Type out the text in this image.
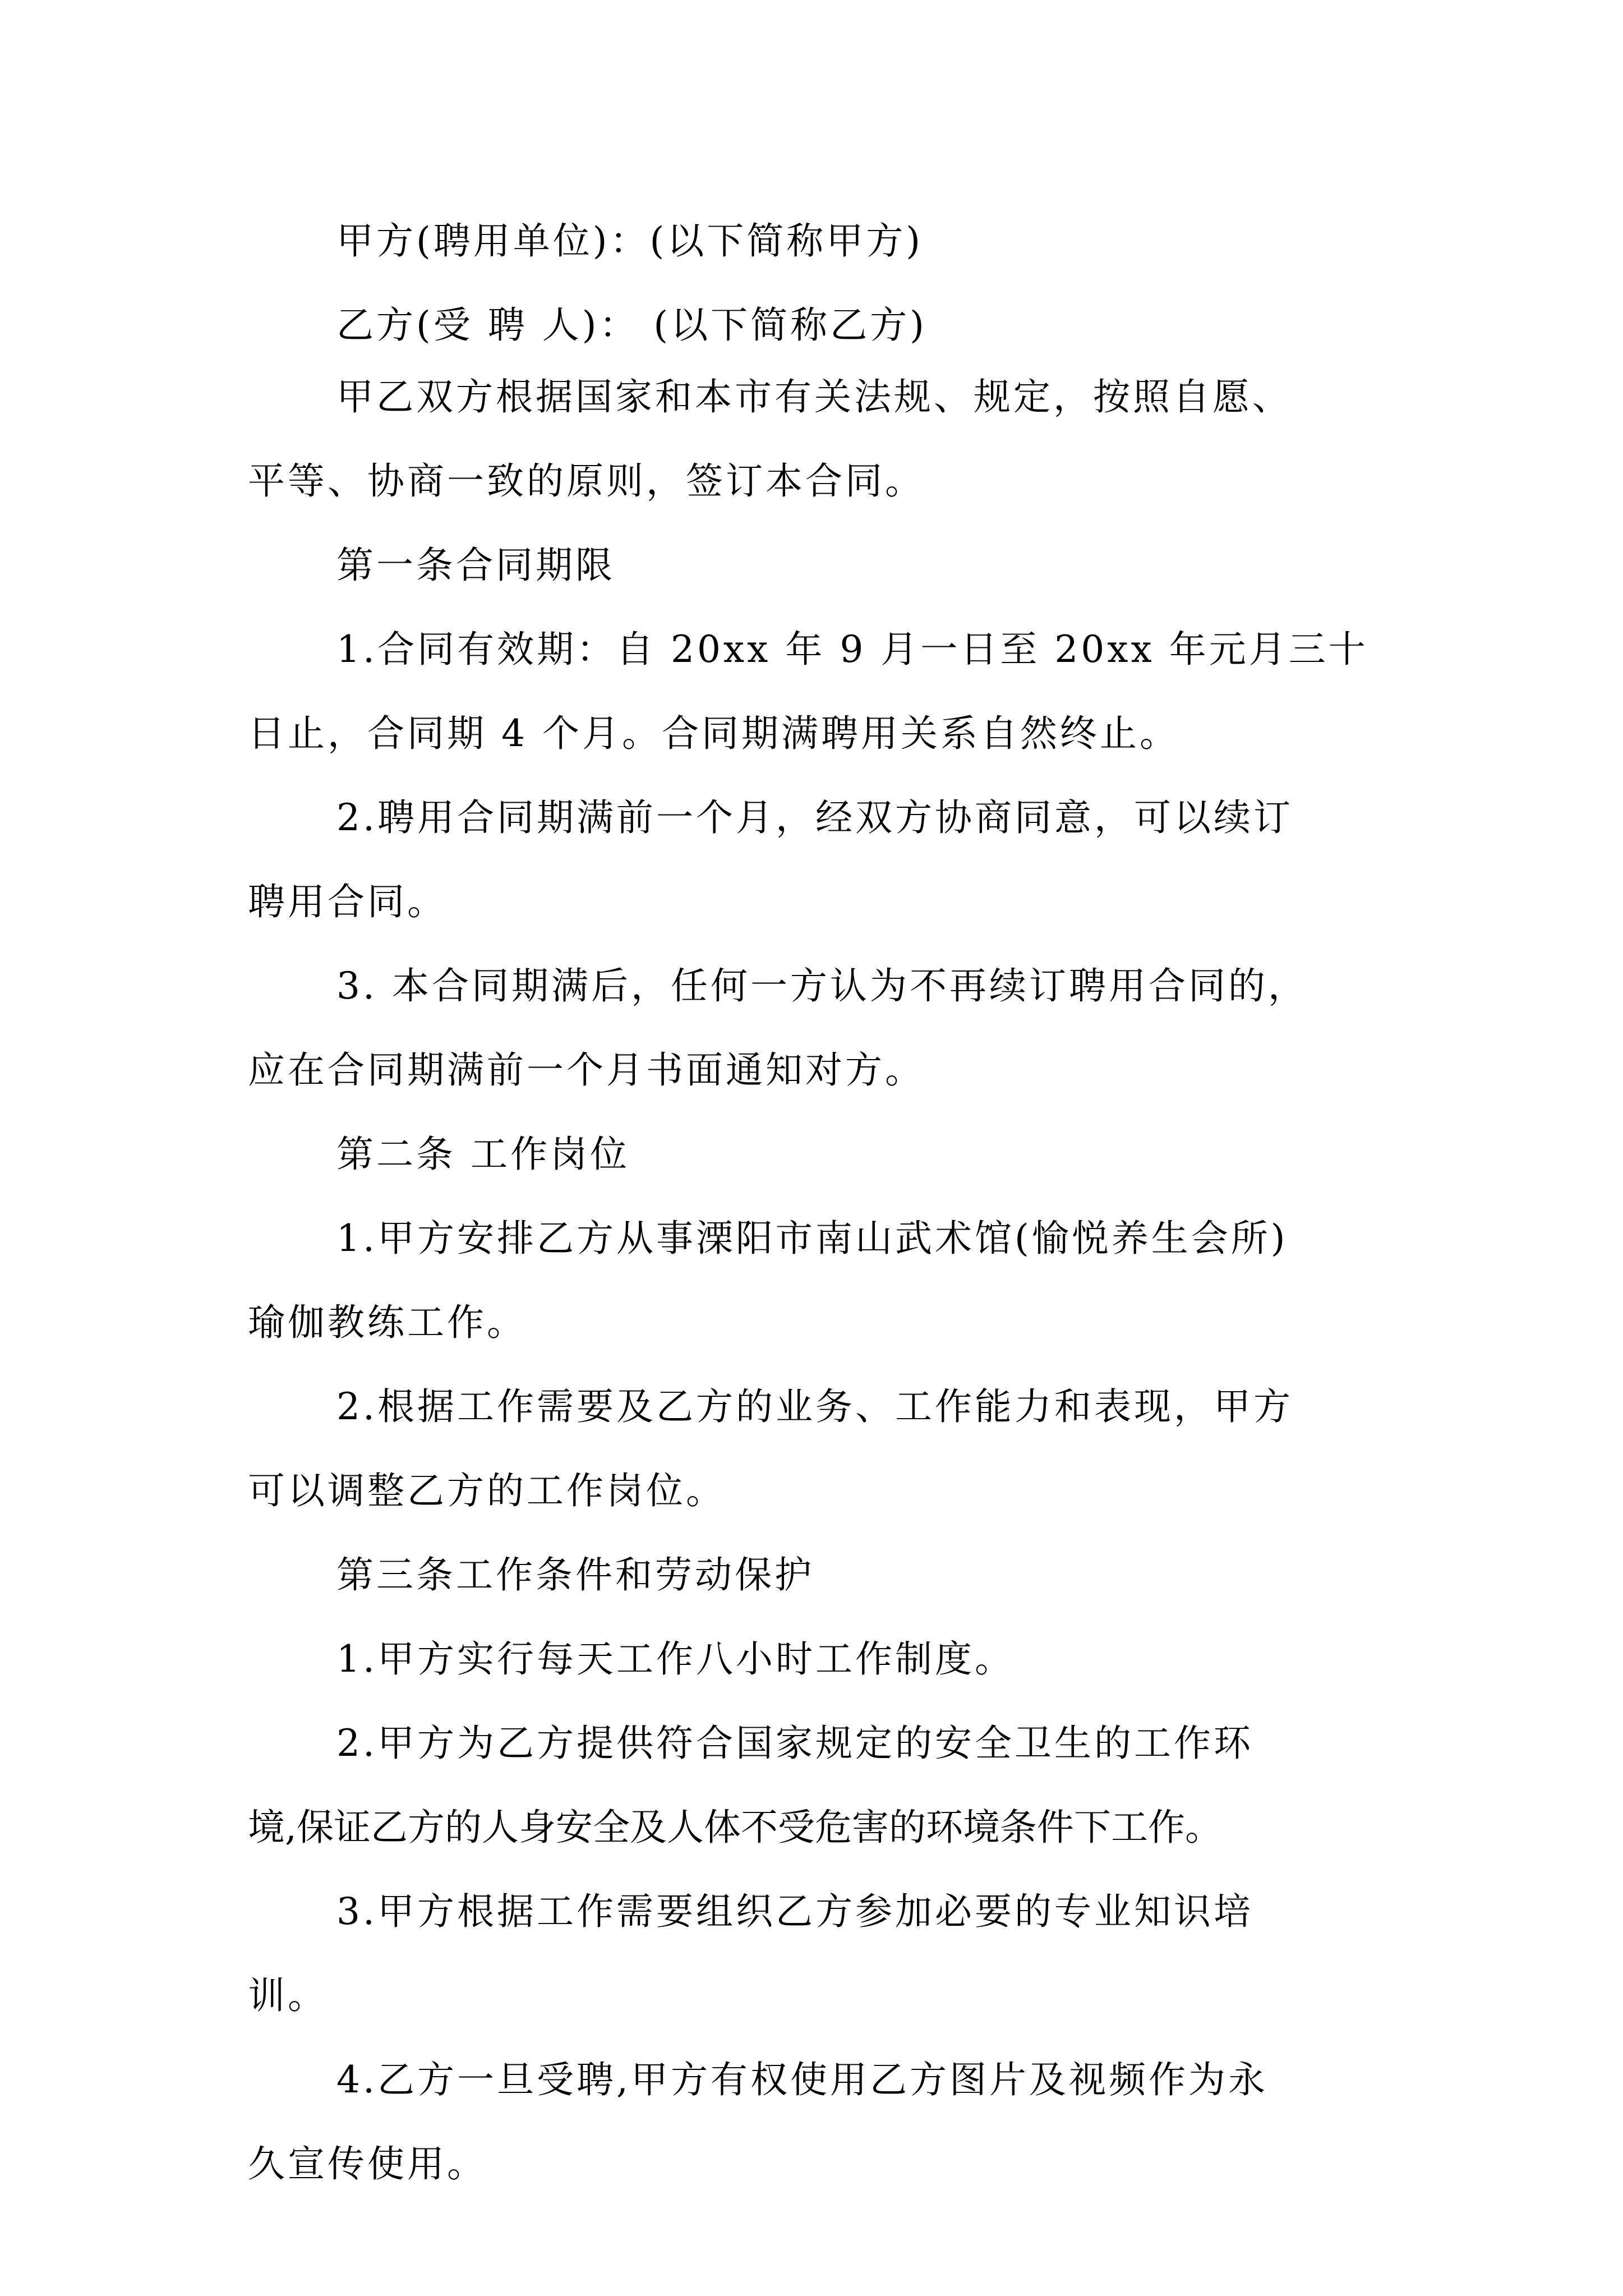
甲方(聘用单位)：(以下简称甲方)

乙方(受 聘 人)： (以下简称乙方)

甲乙双方根据国家和本市有关法规、规定，按照自愿、

平等、协商一致的原则，签订本合同。

第一条合同期限

1.合同有效期：自 20xx 年 9 月一日至 20xx 年元月三十

日止，合同期 4 个月。合同期满聘用关系自然终止。

2.聘用合同期满前一个月，经双方协商同意，可以续订

聘用合同。

3. 本合同期满后，任何一方认为不再续订聘用合同的，

应在合同期满前一个月书面通知对方。

第二条 工作岗位

1.甲方安排乙方从事溧阳市南山武术馆(愉悦养生会所)

瑜伽教练工作。

2.根据工作需要及乙方的业务、工作能力和表现，甲方

可以调整乙方的工作岗位。

第三条工作条件和劳动保护

1.甲方实行每天工作八小时工作制度。

2.甲方为乙方提供符合国家规定的安全卫生的工作环

境,保证乙方的人身安全及人体不受危害的环境条件下工作。

3.甲方根据工作需要组织乙方参加必要的专业知识培

训。

4.乙方一旦受聘,甲方有权使用乙方图片及视频作为永

久宣传使用。
